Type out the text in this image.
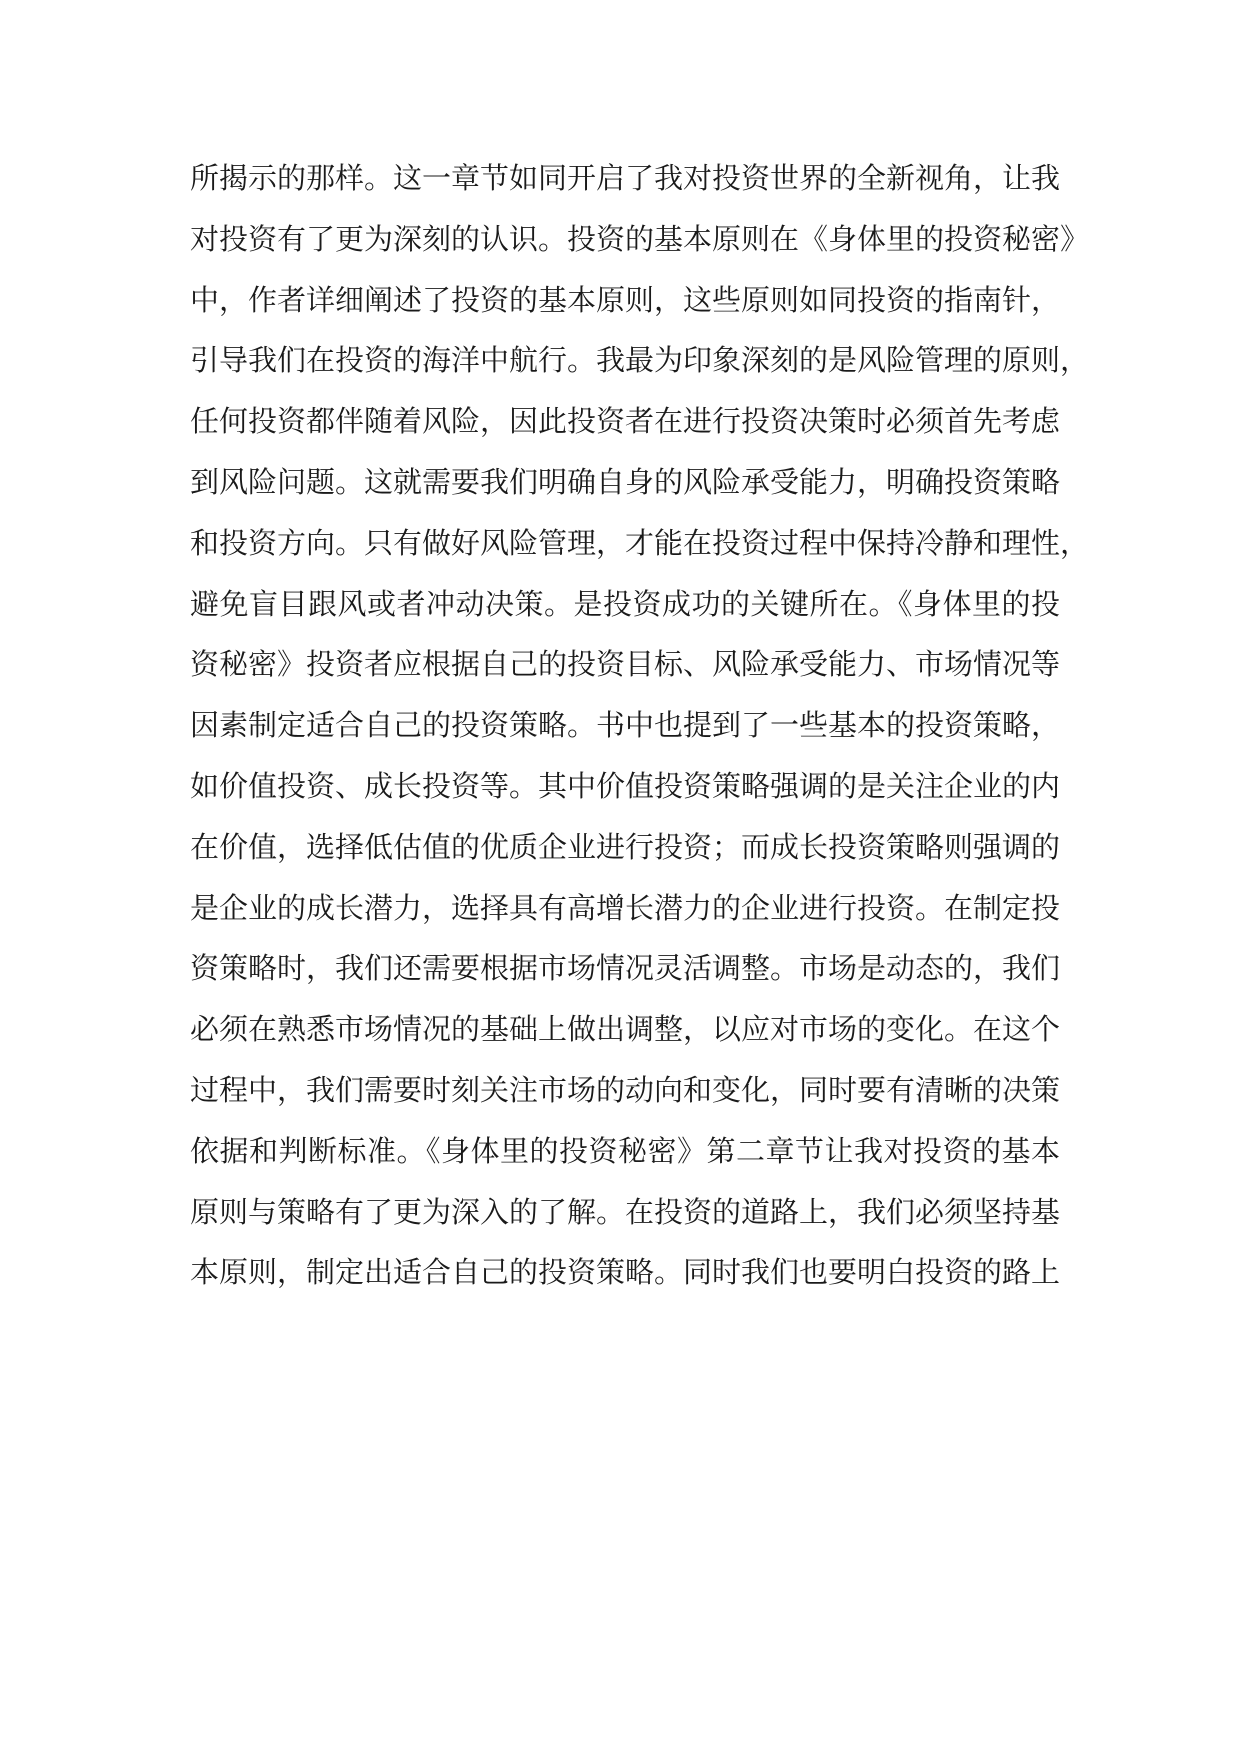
所揭示的那样。这一章节如同开启了我对投资世界的全新视角，让我
对投资有了更为深刻的认识。投资的基本原则在《身体里的投资秘密》
中，作者详细阐述了投资的基本原则，这些原则如同投资的指南针，
引导我们在投资的海洋中航行。我最为印象深刻的是风险管理的原则，
任何投资都伴随着风险，因此投资者在进行投资决策时必须首先考虑
到风险问题。这就需要我们明确自身的风险承受能力，明确投资策略
和投资方向。只有做好风险管理，才能在投资过程中保持冷静和理性，
避免盲目跟风或者冲动决策。是投资成功的关键所在。《身体里的投
资秘密》投资者应根据自己的投资目标、风险承受能力、市场情况等
因素制定适合自己的投资策略。书中也提到了一些基本的投资策略，
如价值投资、成长投资等。其中价值投资策略强调的是关注企业的内
在价值，选择低估值的优质企业进行投资；而成长投资策略则强调的
是企业的成长潜力，选择具有高增长潜力的企业进行投资。在制定投
资策略时，我们还需要根据市场情况灵活调整。市场是动态的，我们
必须在熟悉市场情况的基础上做出调整，以应对市场的变化。在这个
过程中，我们需要时刻关注市场的动向和变化，同时要有清晰的决策
依据和判断标准。《身体里的投资秘密》第二章节让我对投资的基本
原则与策略有了更为深入的了解。在投资的道路上，我们必须坚持基
本原则，制定出适合自己的投资策略。同时我们也要明白投资的路上
